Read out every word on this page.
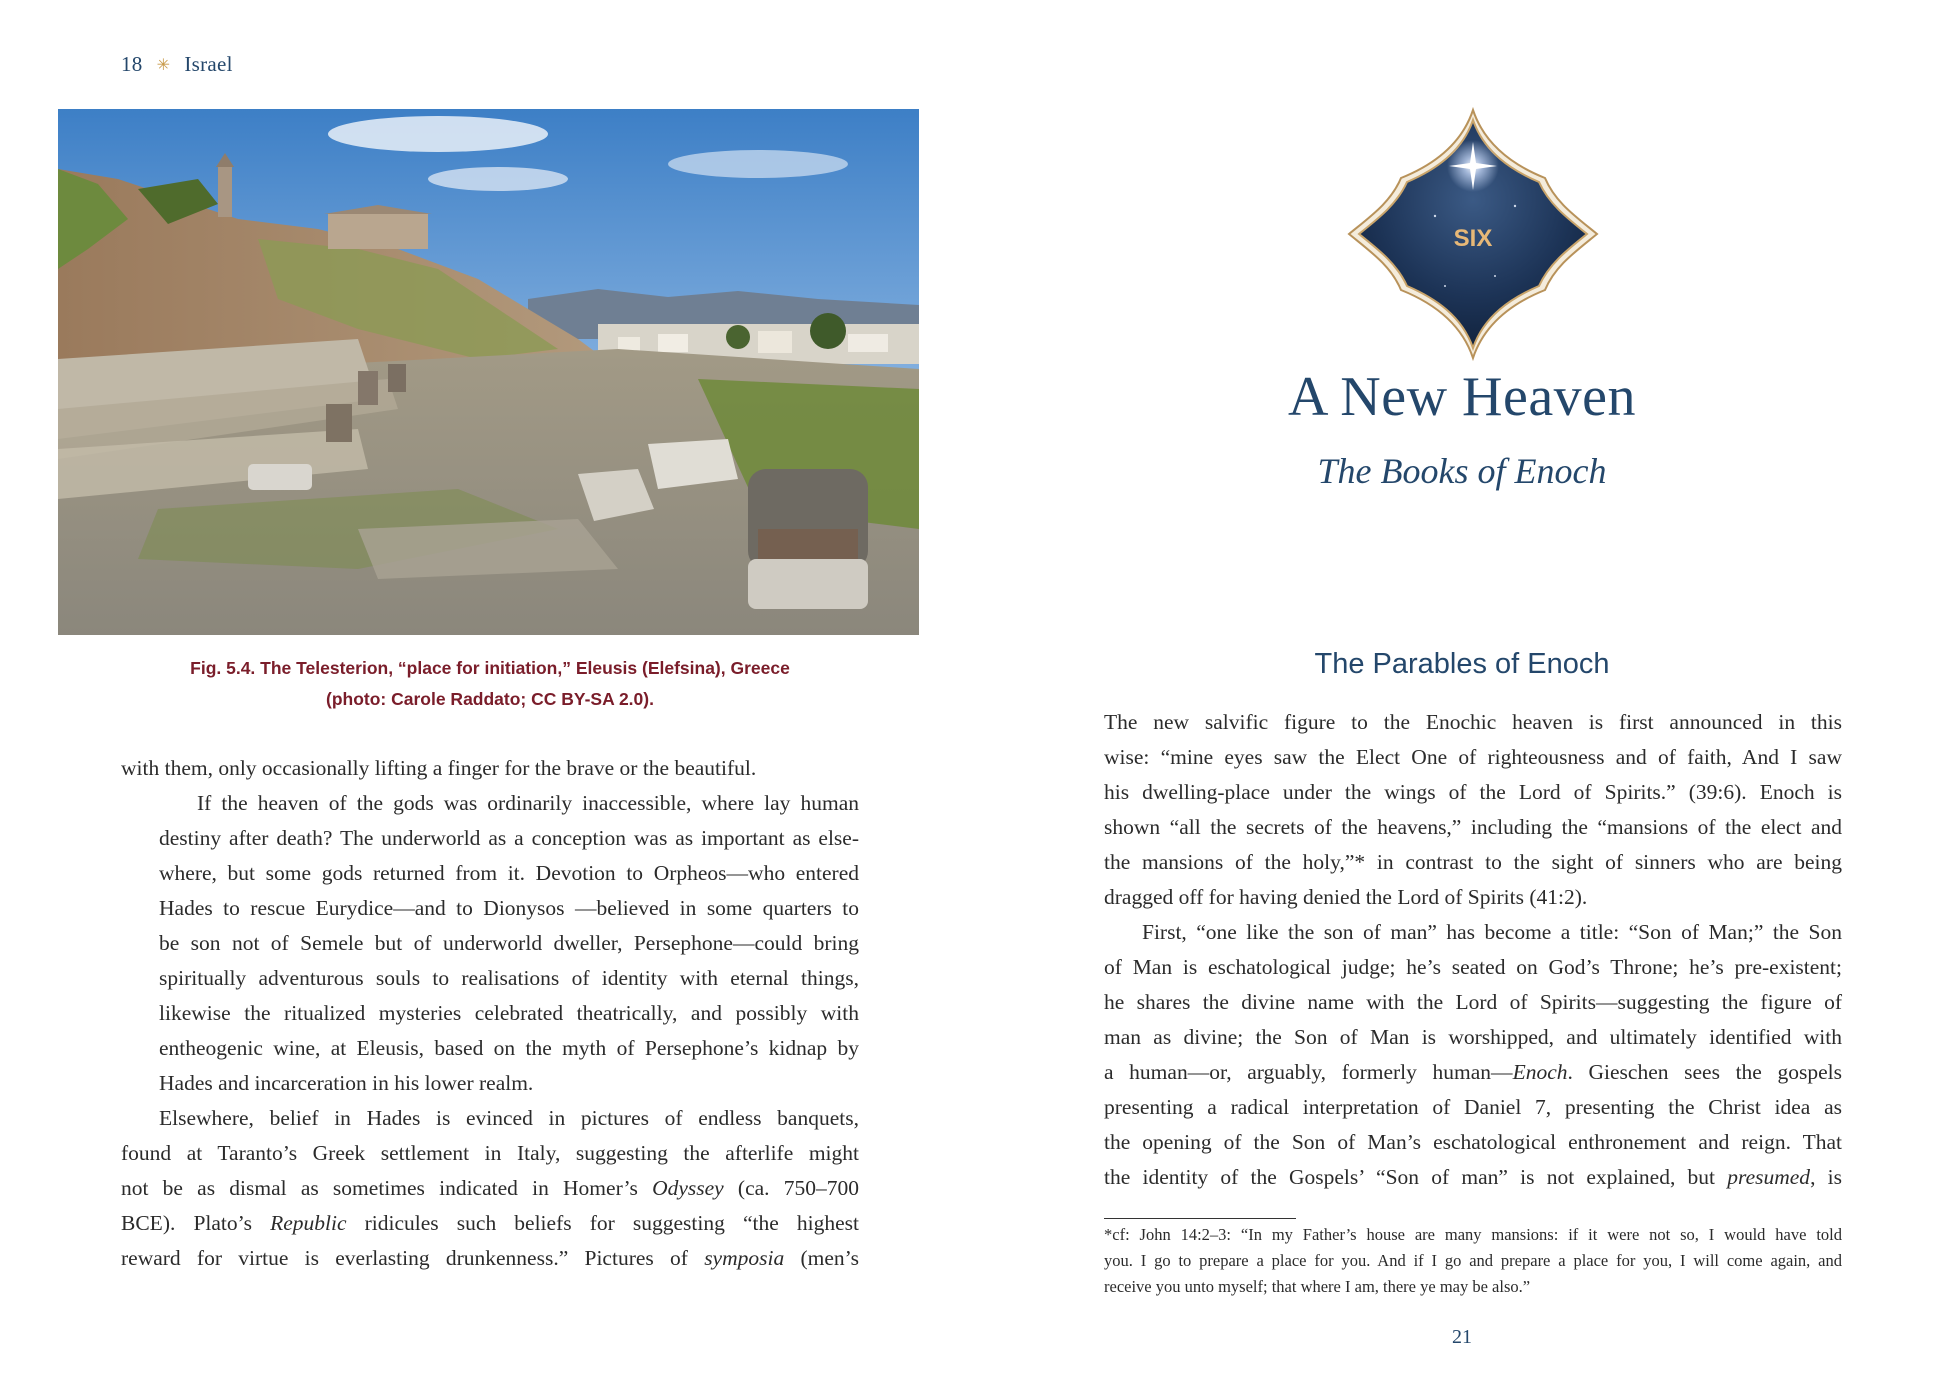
18 ✳ Israel
Fig. 5.4. The Telesterion, “place for initiation,” Eleusis (Elefsina), Greece
(photo: Carole Raddato; CC BY-SA 2.0).

with them, only occasionally lifting a finger for the brave or the beautiful.

If the heaven of the gods was ordinarily inaccessible, where lay human
destiny after death? The underworld as a conception was as important as else-
where, but some gods returned from it. Devotion to Orpheos—who entered
Hades to rescue Eurydice—and to Dionysos —believed in some quarters to
be son not of Semele but of underworld dweller, Persephone—could bring
spiritually adventurous souls to realisations of identity with eternal things,
likewise the ritualized mysteries celebrated theatrically, and possibly with
entheogenic wine, at Eleusis, based on the myth of Persephone’s kidnap by
Hades and incarceration in his lower realm.

Elsewhere, belief in Hades is evinced in pictures of endless banquets,
found at Taranto’s Greek settlement in Italy, suggesting the afterlife might
not be as dismal as sometimes indicated in Homer’s Odyssey (ca. 750–700
BCE). Plato’s Republic ridicules such beliefs for suggesting “the highest
reward for virtue is everlasting drunkenness.” Pictures of symposia (men’s

SIX
A New Heaven
The Books of Enoch
The Parables of Enoch

The new salvific figure to the Enochic heaven is first announced in this
wise: “mine eyes saw the Elect One of righteousness and of faith, And I saw
his dwelling-place under the wings of the Lord of Spirits.” (39:6). Enoch is
shown “all the secrets of the heavens,” including the “mansions of the elect and
the mansions of the holy,”* in contrast to the sight of sinners who are being
dragged off for having denied the Lord of Spirits (41:2).

First, “one like the son of man” has become a title: “Son of Man;” the Son
of Man is eschatological judge; he’s seated on God’s Throne; he’s pre-existent;
he shares the divine name with the Lord of Spirits—suggesting the figure of
man as divine; the Son of Man is worshipped, and ultimately identified with
a human—or, arguably, formerly human—Enoch. Gieschen sees the gospels
presenting a radical interpretation of Daniel 7, presenting the Christ idea as
the opening of the Son of Man’s eschatological enthronement and reign. That
the identity of the Gospels’ “Son of man” is not explained, but presumed, is

*cf: John 14:2–3: “In my Father’s house are many mansions: if it were not so, I would have told
you. I go to prepare a place for you. And if I go and prepare a place for you, I will come again, and
receive you unto myself; that where I am, there ye may be also.”
21
